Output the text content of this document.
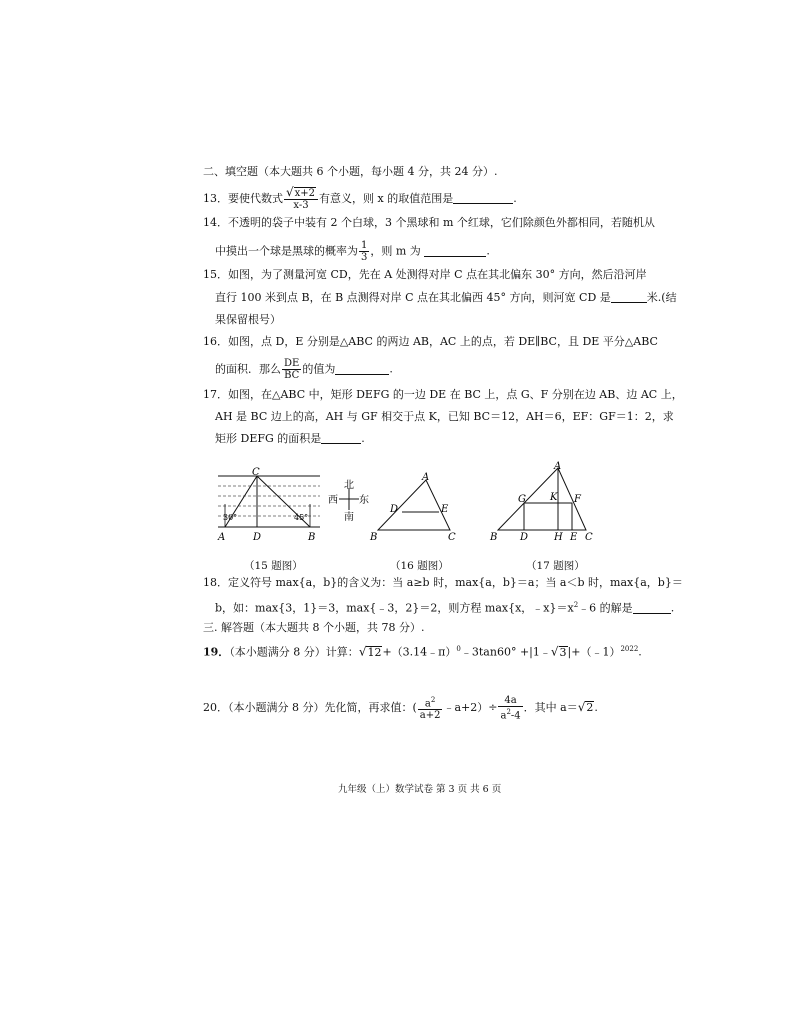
二、填空题（本大题共 6 个小题，每小题 4 分，共 24 分）.
13．要使代数式 $\frac{√x+2}{x-3}$ 有意义，则 x 的取值范围是	.
14．不透明的袋子中装有 2 个白球，3 个黑球和 m 个红球，它们除颜色外都相同，若随机从
中摸出一个球是黑球的概率为 $\frac{1}{3}$ ，则 m 为	.
15．如图，为了测量河宽 CD，先在 A 处测得对岸 C 点在其北偏东 30° 方向，然后沿河岸
直行 100 米到点 B，在 B 点测得对岸 C 点在其北偏西 45° 方向，则河宽 CD 是	米.(结
果保留根号）
16．如图，点 D，E 分别是△ABC 的两边 AB，AC 上的点，若 DE∥BC，且 DE 平分△ABC
的面积．那么 $\frac{DE}{BC}$ 的值为	.
17．如图，在△ABC 中，矩形 DEFG 的一边 DE 在 BC 上，点 G、F 分别在边 AB、边 AC 上，
AH 是 BC 边上的高，AH 与 GF 相交于点 K，已知 BC＝12，AH＝6，EF：GF＝1：2，求
矩形 DEFG 的面积是	.
C
A	D	B
30°	45°
北
南
西 东
A
B	C
D	E
A
B	C
D	E
H
F
G K
（15 题图）	（16 题图）	（17 题图）
18．定义符号 max{a，b}的含义为：当 a≥b 时，max{a，b}＝a；当 a＜b 时，max{a，b}＝
b，如：max{3，1}＝3，max{﹣3，2}＝2，则方程 max{x，$﹣x\}=x^2﹣6$ 的解是	.
三. 解答题（本大题共 8 个小题，共 78 分）.
19．（本小题满分 8 分）计算：√12+（3.14﹣π）$^0$﹣3tan60° +|1﹣√3|+（﹣1）$^{2022}$.
20．（本小题满分 8 分）先化简，再求值：( $\frac{a^2}{a+2}$ ﹣a+2）÷ $\frac{4a}{a^2-4}$ ．其中 a＝√2.
九年级（上）数学试卷 第 3 页 共 6 页
